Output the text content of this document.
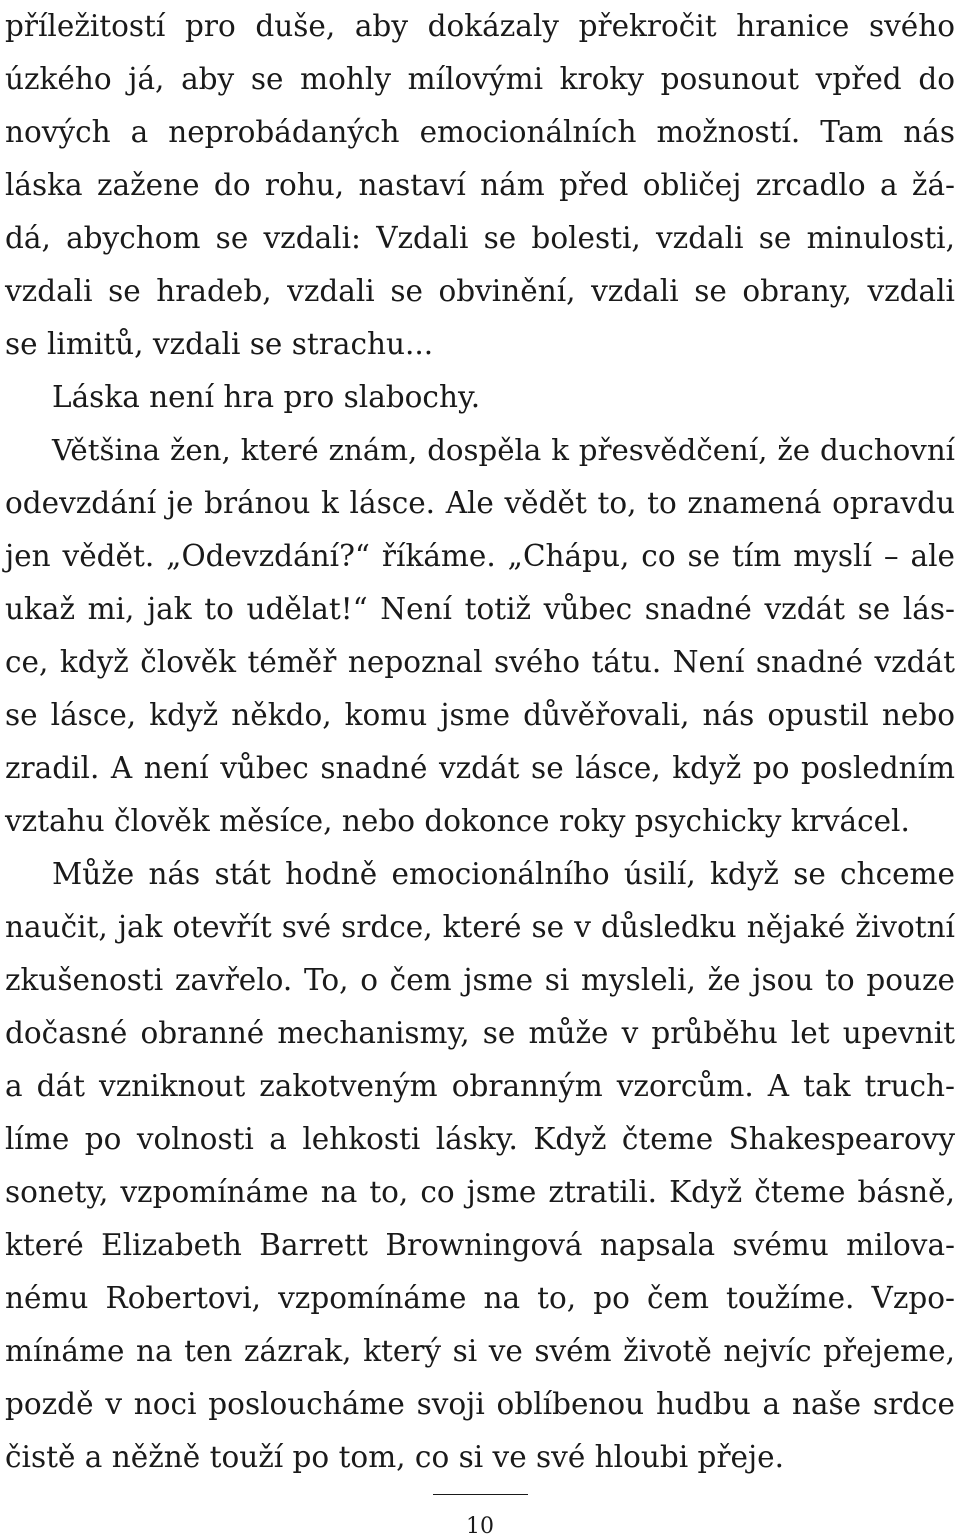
příležitostí pro duše, aby dokázaly překročit hranice svého
úzkého já, aby se mohly mílovými kroky posunout vpřed do
nových a neprobádaných emocionálních možností. Tam nás
láska zažene do rohu, nastaví nám před obličej zrcadlo a žá-
dá, abychom se vzdali: Vzdali se bolesti, vzdali se minulosti,
vzdali se hradeb, vzdali se obvinění, vzdali se obrany, vzdali
se limitů, vzdali se strachu...
Láska není hra pro slabochy.
Většina žen, které znám, dospěla k přesvědčení, že duchovní
odevzdání je bránou k lásce. Ale vědět to, to znamená opravdu
jen vědět. „Odevzdání?“ říkáme. „Chápu, co se tím myslí – ale
ukaž mi, jak to udělat!“ Není totiž vůbec snadné vzdát se lás-
ce, když člověk téměř nepoznal svého tátu. Není snadné vzdát
se lásce, když někdo, komu jsme důvěřovali, nás opustil nebo
zradil. A není vůbec snadné vzdát se lásce, když po posledním
vztahu člověk měsíce, nebo dokonce roky psychicky krvácel.
Může nás stát hodně emocionálního úsilí, když se chceme
naučit, jak otevřít své srdce, které se v důsledku nějaké životní
zkušenosti zavřelo. To, o čem jsme si mysleli, že jsou to pouze
dočasné obranné mechanismy, se může v průběhu let upevnit
a dát vzniknout zakotveným obranným vzorcům. A tak truch-
líme po volnosti a lehkosti lásky. Když čteme Shakespearovy
sonety, vzpomínáme na to, co jsme ztratili. Když čteme básně,
které Elizabeth Barrett Browningová napsala svému milova-
nému Robertovi, vzpomínáme na to, po čem toužíme. Vzpo-
mínáme na ten zázrak, který si ve svém životě nejvíc přejeme,
pozdě v noci posloucháme svoji oblíbenou hudbu a naše srdce
čistě a něžně touží po tom, co si ve své hloubi přeje.
10
